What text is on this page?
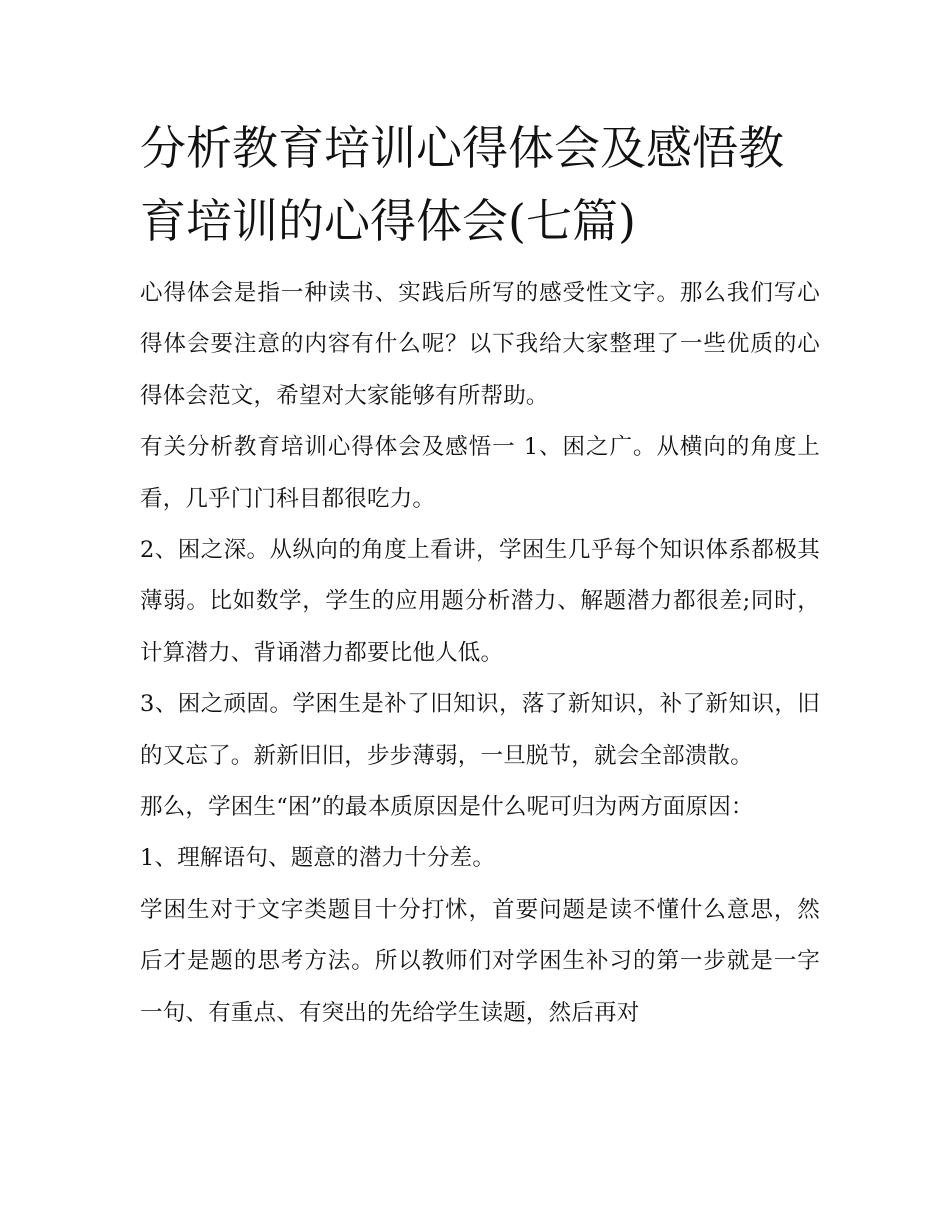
分析教育培训心得体会及感悟教育培训的心得体会(七篇)

心得体会是指一种读书、实践后所写的感受性文字。那么我们写心得体会要注意的内容有什么呢？以下我给大家整理了一些优质的心得体会范文，希望对大家能够有所帮助。

有关分析教育培训心得体会及感悟一 1、困之广。从横向的角度上看，几乎门门科目都很吃力。

2、困之深。从纵向的角度上看讲，学困生几乎每个知识体系都极其薄弱。比如数学，学生的应用题分析潜力、解题潜力都很差;同时，计算潜力、背诵潜力都要比他人低。

3、困之顽固。学困生是补了旧知识，落了新知识，补了新知识，旧的又忘了。新新旧旧，步步薄弱，一旦脱节，就会全部溃散。

那么，学困生“困”的最本质原因是什么呢可归为两方面原因：

1、理解语句、题意的潜力十分差。

学困生对于文字类题目十分打怵，首要问题是读不懂什么意思，然后才是题的思考方法。所以教师们对学困生补习的第一步就是一字一句、有重点、有突出的先给学生读题，然后再对
